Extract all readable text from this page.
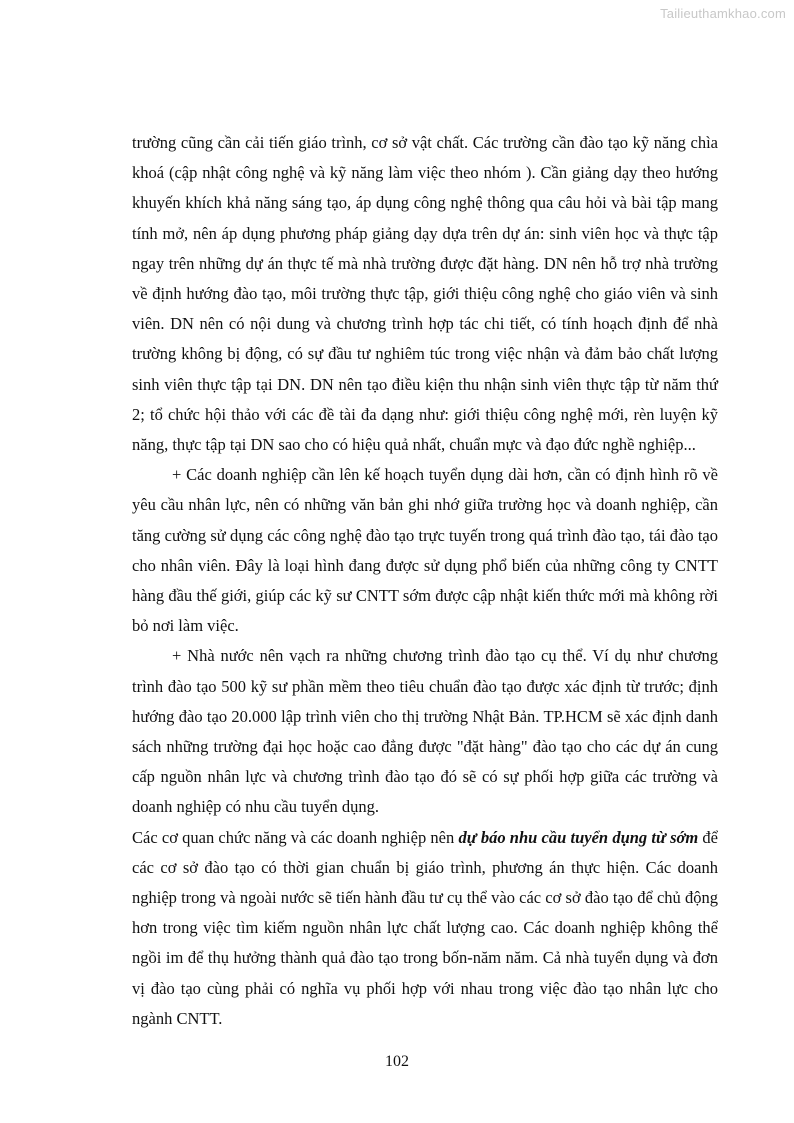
Tailieuthamkhao.com

trường cũng cần cải tiến giáo trình, cơ sở vật chất. Các trường cần đào tạo kỹ năng chìa khoá (cập nhật công nghệ và kỹ năng làm việc theo nhóm ). Cần giảng dạy theo hướng khuyến khích khả năng sáng tạo, áp dụng công nghệ thông qua câu hỏi và bài tập mang tính mở, nên áp dụng phương pháp giảng dạy dựa trên dự án: sinh viên học và thực tập ngay trên những dự án thực tế mà nhà trường được đặt hàng. DN nên hỗ trợ nhà trường về định hướng đào tạo, môi trường thực tập, giới thiệu công nghệ cho giáo viên và sinh viên. DN nên có nội dung và chương trình hợp tác chi tiết, có tính hoạch định để nhà trường không bị động, có sự đầu tư nghiêm túc trong việc nhận và đảm bảo chất lượng sinh viên thực tập tại DN. DN nên tạo điều kiện thu nhận sinh viên thực tập từ năm thứ 2; tổ chức hội thảo với các đề tài đa dạng như: giới thiệu công nghệ mới, rèn luyện kỹ năng, thực tập tại DN sao cho có hiệu quả nhất, chuẩn mực và đạo đức nghề nghiệp...

+ Các doanh nghiệp cần lên kế hoạch tuyển dụng dài hơn, cần có định hình rõ về yêu cầu nhân lực, nên có những văn bản ghi nhớ giữa trường học và doanh nghiệp, cần tăng cường sử dụng các công nghệ đào tạo trực tuyến trong quá trình đào tạo, tái đào tạo cho nhân viên. Đây là loại hình đang được sử dụng phổ biến của những công ty CNTT hàng đầu thế giới, giúp các kỹ sư CNTT sớm được cập nhật kiến thức mới mà không rời bỏ nơi làm việc.

+ Nhà nước nên vạch ra những chương trình đào tạo cụ thể. Ví dụ như chương trình đào tạo 500 kỹ sư phần mềm theo tiêu chuẩn đào tạo được xác định từ trước; định hướng đào tạo 20.000 lập trình viên cho thị trường Nhật Bản. TP.HCM sẽ xác định danh sách những trường đại học hoặc cao đẳng được "đặt hàng" đào tạo cho các dự án cung cấp nguồn nhân lực và chương trình đào tạo đó sẽ có sự phối hợp giữa các trường và doanh nghiệp có nhu cầu tuyển dụng.

Các cơ quan chức năng và các doanh nghiệp nên dự báo nhu cầu tuyển dụng từ sớm để các cơ sở đào tạo có thời gian chuẩn bị giáo trình, phương án thực hiện. Các doanh nghiệp trong và ngoài nước sẽ tiến hành đầu tư cụ thể vào các cơ sở đào tạo để chủ động hơn trong việc tìm kiếm nguồn nhân lực chất lượng cao. Các doanh nghiệp không thể ngồi im để thụ hưởng thành quả đào tạo trong bốn-năm năm. Cả nhà tuyển dụng và đơn vị đào tạo cùng phải có nghĩa vụ phối hợp với nhau trong việc đào tạo nhân lực cho ngành CNTT.

102
